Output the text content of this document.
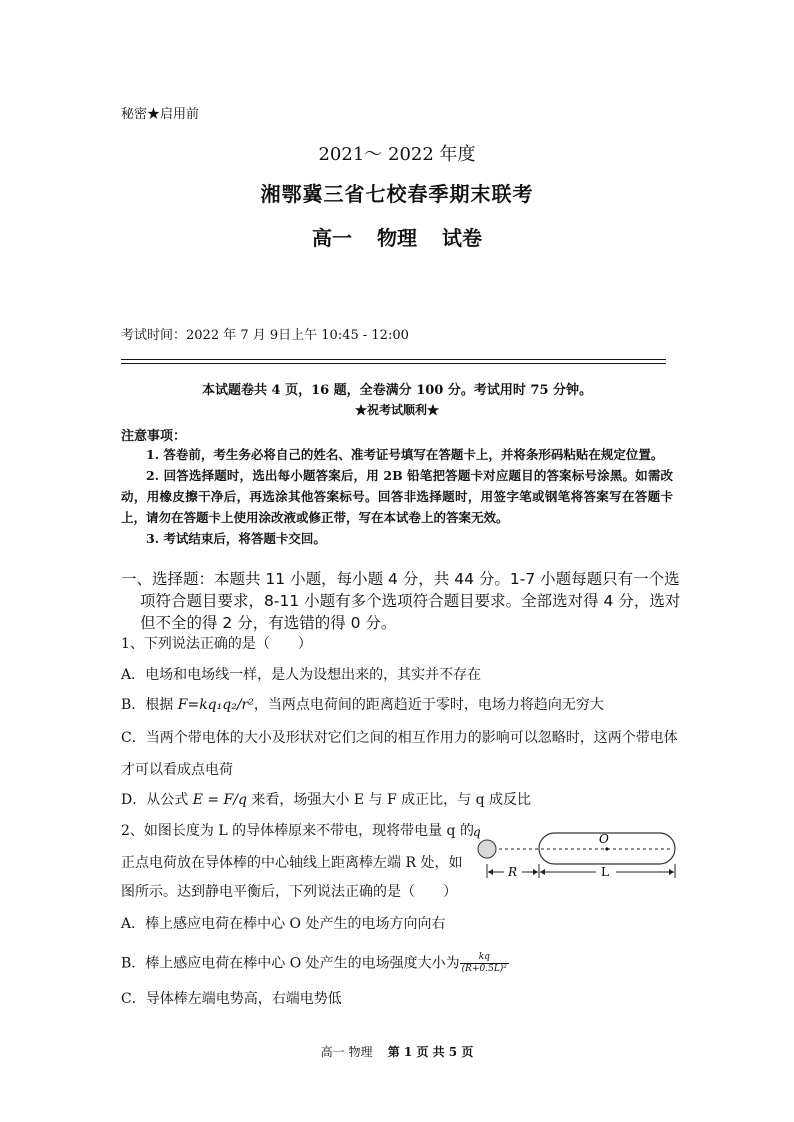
秘密★启用前

2021～ 2022 年度

湘鄂冀三省七校春季期末联考

高一 物理 试卷

考试时间：2022 年 7 月 9日上午 10:45 - 12:00

本试题卷共 4 页，16 题，全卷满分 100 分。考试用时 75 分钟。

★祝考试顺利★

注意事项：

1. 答卷前，考生务必将自己的姓名、准考证号填写在答题卡上，并将条形码粘贴在规定位置。

2. 回答选择题时，选出每小题答案后，用 2B 铅笔把答题卡对应题目的答案标号涂黑。如需改动，用橡皮擦干净后，再选涂其他答案标号。回答非选择题时，用签字笔或钢笔将答案写在答题卡上，请勿在答题卡上使用涂改液或修正带，写在本试卷上的答案无效。

3. 考试结束后，将答题卡交回。

一、选择题：本题共 11 小题，每小题 4 分，共 44 分。1-7 小题每题只有一个选
项符合题目要求，8-11 小题有多个选项符合题目要求。全部选对得 4 分，选对但不全的得 2 分，有选错的得 0 分。

1、下列说法正确的是（　　）

A．电场和电场线一样，是人为设想出来的，其实并不存在

B．根据 F=kq₁q₂/r²，当两点电荷间的距离趋近于零时，电场力将趋向无穷大

C．当两个带电体的大小及形状对它们之间的相互作用力的影响可以忽略时，这两个带电体

才可以看成点电荷

D．从公式 E = F/q 来看，场强大小 E 与 F 成正比，与 q 成反比

2、如图长度为 L 的导体棒原来不带电，现将带电量 q 的

正点电荷放在导体棒的中心轴线上距离棒左端 R 处，如

图所示。达到静电平衡后，下列说法正确的是（　　）

q	O
R	L

A．棒上感应电荷在棒中心 O 处产生的电场方向向右

B．棒上感应电荷在棒中心 O 处产生的电场强度大小为 $\frac{kq}{\text{(R+0.5L)²}}$

C．导体棒左端电势高，右端电势低

高一 物理 第 1 页 共 5 页
